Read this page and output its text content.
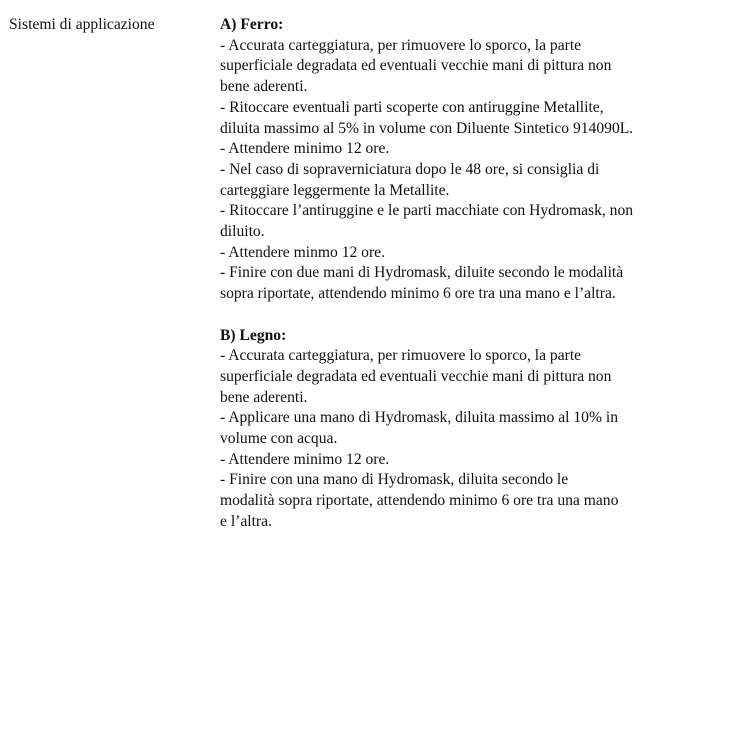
Sistemi di applicazione	A) Ferro:
- Accurata carteggiatura, per rimuovere lo sporco, la parte
superficiale degradata ed eventuali vecchie mani di pittura non
bene aderenti.
- Ritoccare eventuali parti scoperte con antiruggine Metallite,
diluita massimo al 5% in volume con Diluente Sintetico 914090L.
- Attendere minimo 12 ore.
- Nel caso di sopraverniciatura dopo le 48 ore, si consiglia di
carteggiare leggermente la Metallite.
- Ritoccare l’antiruggine e le parti macchiate con Hydromask, non
diluito.
- Attendere minmo 12 ore.
- Finire con due mani di Hydromask, diluite secondo le modalità
sopra riportate, attendendo minimo 6 ore tra una mano e l’altra.
B) Legno:
- Accurata carteggiatura, per rimuovere lo sporco, la parte
superficiale degradata ed eventuali vecchie mani di pittura non
bene aderenti.
- Applicare una mano di Hydromask, diluita massimo al 10% in
volume con acqua.
- Attendere minimo 12 ore.
- Finire con una mano di Hydromask, diluita secondo le
modalità sopra riportate, attendendo minimo 6 ore tra una mano
e l’altra.
